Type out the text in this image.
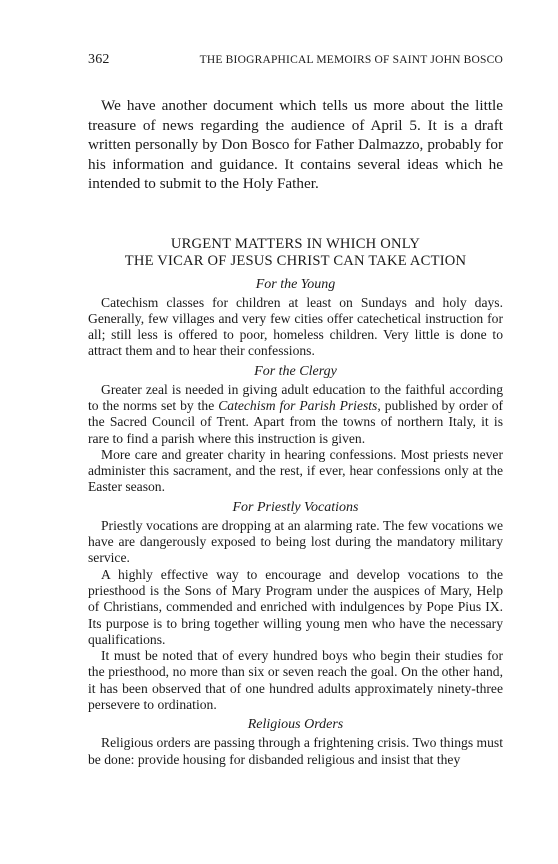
362	THE BIOGRAPHICAL MEMOIRS OF SAINT JOHN BOSCO

We have another document which tells us more about the little treasure of news regarding the audience of April 5. It is a draft written personally by Don Bosco for Father Dalmazzo, probably for his information and guidance. It contains several ideas which he intended to submit to the Holy Father.

URGENT MATTERS IN WHICH ONLY
THE VICAR OF JESUS CHRIST CAN TAKE ACTION
For the Young

Catechism classes for children at least on Sundays and holy days. Generally, few villages and very few cities offer catechetical instruction for all; still less is offered to poor, homeless children. Very little is done to attract them and to hear their confessions.

For the Clergy

Greater zeal is needed in giving adult education to the faithful according to the norms set by the Catechism for Parish Priests, published by order of the Sacred Council of Trent. Apart from the towns of northern Italy, it is rare to find a parish where this instruction is given.

More care and greater charity in hearing confessions. Most priests never administer this sacrament, and the rest, if ever, hear confessions only at the Easter season.

For Priestly Vocations

Priestly vocations are dropping at an alarming rate. The few vocations we have are dangerously exposed to being lost during the mandatory military service.

A highly effective way to encourage and develop vocations to the priesthood is the Sons of Mary Program under the auspices of Mary, Help of Christians, commended and enriched with indulgences by Pope Pius IX. Its purpose is to bring together willing young men who have the necessary qualifications.

It must be noted that of every hundred boys who begin their studies for the priesthood, no more than six or seven reach the goal. On the other hand, it has been observed that of one hundred adults approximately ninety-three persevere to ordination.

Religious Orders

Religious orders are passing through a frightening crisis. Two things must be done: provide housing for disbanded religious and insist that they
